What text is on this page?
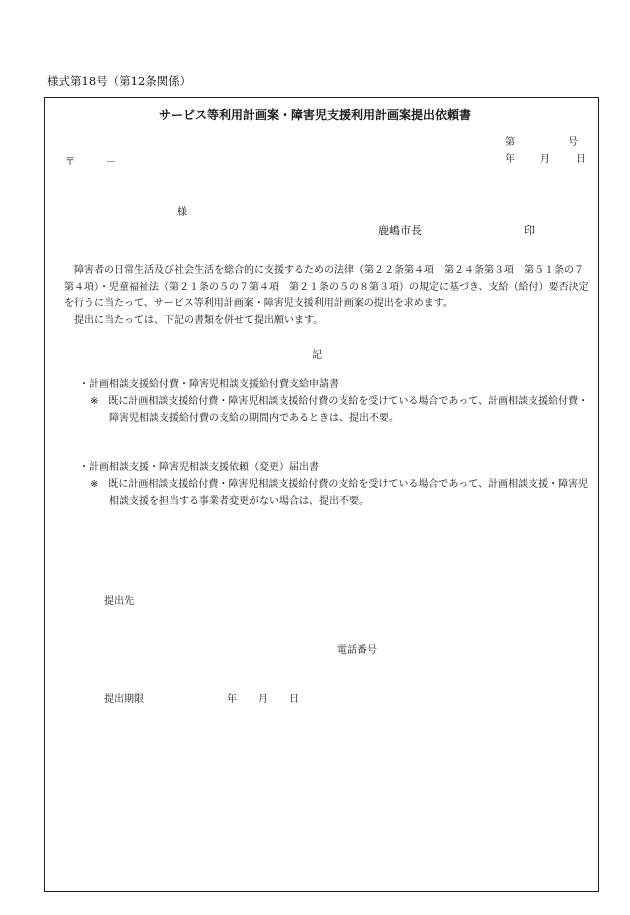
様式第18号（第12条関係）
サービス等利用計画案・障害児支援利用計画案提出依頼書
第	号
年	月	日
〒	－
様
鹿嶋市長	印

障害者の日常生活及び社会生活を総合的に支援するための法律（第２２条第４項　第２４条第３項　第５１条の７第４項）・児童福祉法（第２１条の５の７第４項　第２１条の５の８第３項）の規定に基づき、支給（給付）要否決定を行うに当たって、サービス等利用計画案・障害児支援利用計画案の提出を求めます。

提出に当たっては、下記の書類を併せて提出願います。

記
・計画相談支援給付費・障害児相談支援給付費支給申請書
※　既に計画相談支援給付費・障害児相談支援給付費の支給を受けている場合であって、計画相談支援給付費・障害児相談支援給付費の支給の期間内であるときは、提出不要。
・計画相談支援・障害児相談支援依頼（変更）届出書
※　既に計画相談支援給付費・障害児相談支援給付費の支給を受けている場合であって、計画相談支援・障害児相談支援を担当する事業者変更がない場合は、提出不要。
提出先
電話番号
提出期限	年 月 日
